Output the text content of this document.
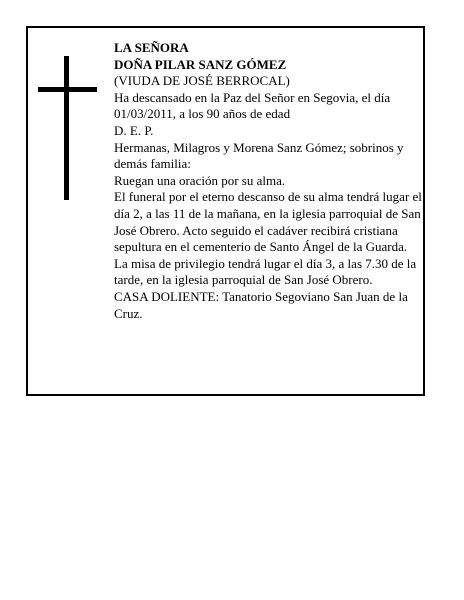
LA SEÑORA

DOÑA PILAR SANZ GÓMEZ

(VIUDA DE JOSÉ BERROCAL)

Ha descansado en la Paz del Señor en Segovia, el día 01/03/2011, a los 90 años de edad

D. E. P.

Hermanas, Milagros y Morena Sanz Gómez; sobrinos y demás familia:

Ruegan una oración por su alma.

El funeral por el eterno descanso de su alma tendrá lugar el día 2, a las 11 de la mañana, en la iglesia parroquial de San José Obrero. Acto seguido el cadáver recibirá cristiana sepultura en el cementerio de Santo Ángel de la Guarda. La misa de privilegio tendrá lugar el día 3, a las 7.30 de la tarde, en la iglesia parroquial de San José Obrero.

CASA DOLIENTE: Tanatorio Segoviano San Juan de la Cruz.
